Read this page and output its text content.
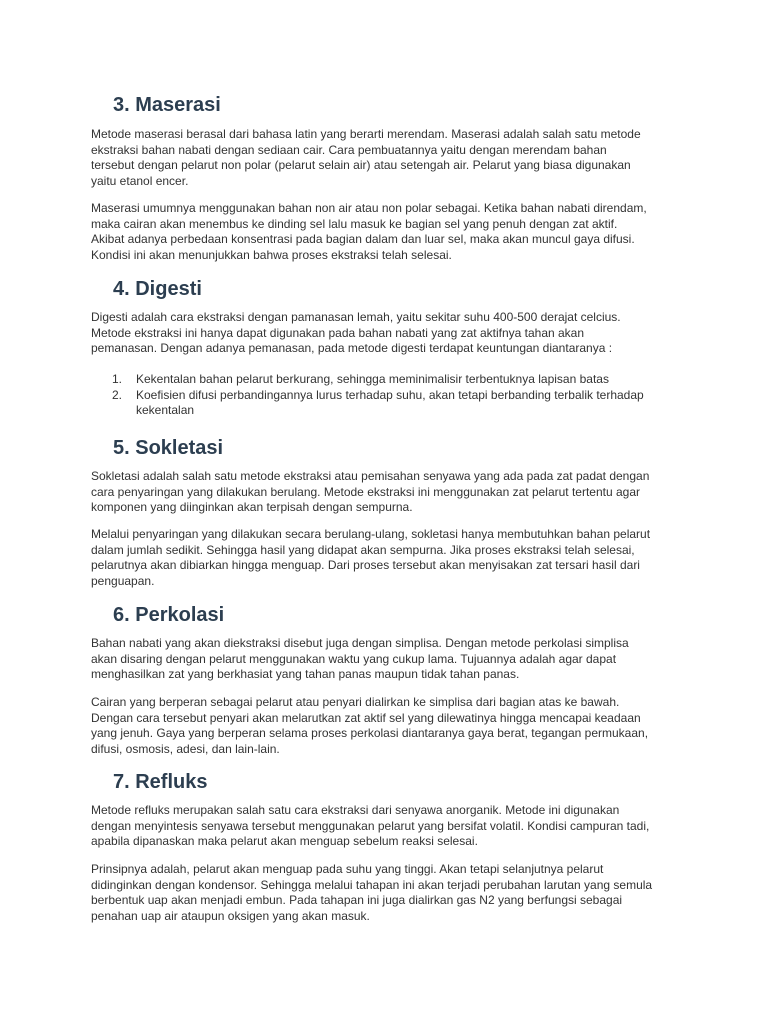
3. Maserasi

Metode maserasi berasal dari bahasa latin yang berarti merendam. Maserasi adalah salah satu metode
ekstraksi bahan nabati dengan sediaan cair. Cara pembuatannya yaitu dengan merendam bahan
tersebut dengan pelarut non polar (pelarut selain air) atau setengah air. Pelarut yang biasa digunakan
yaitu etanol encer.

Maserasi umumnya menggunakan bahan non air atau non polar sebagai. Ketika bahan nabati direndam,
maka cairan akan menembus ke dinding sel lalu masuk ke bagian sel yang penuh dengan zat aktif.
Akibat adanya perbedaan konsentrasi pada bagian dalam dan luar sel, maka akan muncul gaya difusi.
Kondisi ini akan menunjukkan bahwa proses ekstraksi telah selesai.

4. Digesti

Digesti adalah cara ekstraksi dengan pamanasan lemah, yaitu sekitar suhu 400-500 derajat celcius.
Metode ekstraksi ini hanya dapat digunakan pada bahan nabati yang zat aktifnya tahan akan
pemanasan. Dengan adanya pemanasan, pada metode digesti terdapat keuntungan diantaranya :

1. Kekentalan bahan pelarut berkurang, sehingga meminimalisir terbentuknya lapisan batas
2. Koefisien difusi perbandingannya lurus terhadap suhu, akan tetapi berbanding terbalik terhadap
kekentalan
5. Sokletasi

Sokletasi adalah salah satu metode ekstraksi atau pemisahan senyawa yang ada pada zat padat dengan
cara penyaringan yang dilakukan berulang. Metode ekstraksi ini menggunakan zat pelarut tertentu agar
komponen yang diinginkan akan terpisah dengan sempurna.

Melalui penyaringan yang dilakukan secara berulang-ulang, sokletasi hanya membutuhkan bahan pelarut
dalam jumlah sedikit. Sehingga hasil yang didapat akan sempurna. Jika proses ekstraksi telah selesai,
pelarutnya akan dibiarkan hingga menguap. Dari proses tersebut akan menyisakan zat tersari hasil dari
penguapan.

6. Perkolasi

Bahan nabati yang akan diekstraksi disebut juga dengan simplisa. Dengan metode perkolasi simplisa
akan disaring dengan pelarut menggunakan waktu yang cukup lama. Tujuannya adalah agar dapat
menghasilkan zat yang berkhasiat yang tahan panas maupun tidak tahan panas.

Cairan yang berperan sebagai pelarut atau penyari dialirkan ke simplisa dari bagian atas ke bawah.
Dengan cara tersebut penyari akan melarutkan zat aktif sel yang dilewatinya hingga mencapai keadaan
yang jenuh. Gaya yang berperan selama proses perkolasi diantaranya gaya berat, tegangan permukaan,
difusi, osmosis, adesi, dan lain-lain.

7. Refluks

Metode refluks merupakan salah satu cara ekstraksi dari senyawa anorganik. Metode ini digunakan
dengan menyintesis senyawa tersebut menggunakan pelarut yang bersifat volatil. Kondisi campuran tadi,
apabila dipanaskan maka pelarut akan menguap sebelum reaksi selesai.

Prinsipnya adalah, pelarut akan menguap pada suhu yang tinggi. Akan tetapi selanjutnya pelarut
didinginkan dengan kondensor. Sehingga melalui tahapan ini akan terjadi perubahan larutan yang semula
berbentuk uap akan menjadi embun. Pada tahapan ini juga dialirkan gas N2 yang berfungsi sebagai
penahan uap air ataupun oksigen yang akan masuk.
